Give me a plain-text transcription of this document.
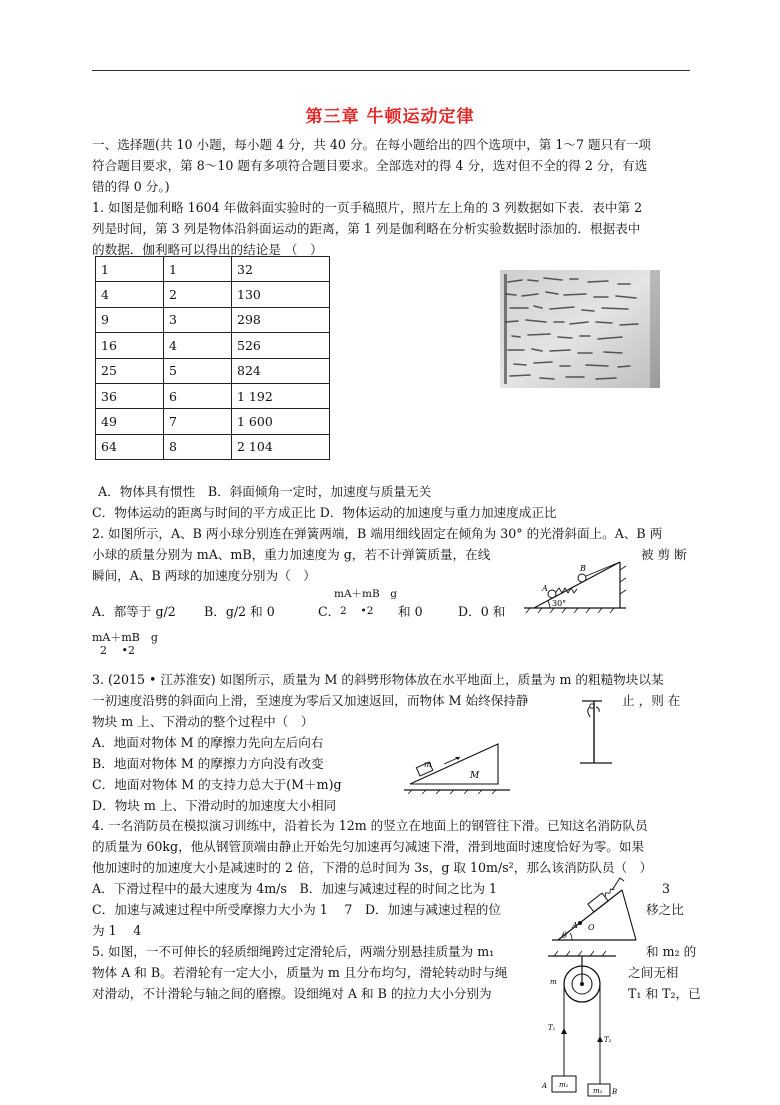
第三章 牛顿运动定律
一、选择题(共 10 小题，每小题 4 分，共 40 分。在每小题给出的四个选项中，第 1～7 题只有一项
符合题目要求，第 8～10 题有多项符合题目要求。全部选对的得 4 分，选对但不全的得 2 分，有选
错的得 0 分。)
1. 如图是伽利略 1604 年做斜面实验时的一页手稿照片，照片左上角的 3 列数据如下表．表中第 2
列是时间，第 3 列是物体沿斜面运动的距离，第 1 列是伽利略在分析实验数据时添加的．根据表中
的数据．伽利略可以得出的结论是 （　）
1	1	32
4	2	130
9	3	298
16	4	526
25	5	824
36	6	1 192
49	7	1 600
64	8	2 104
A．物体具有惯性　B．斜面倾角一定时，加速度与质量无关
C．物体运动的距离与时间的平方成正比 D．物体运动的加速度与重力加速度成正比
2. 如图所示，A、B 两小球分别连在弹簧两端，B 端用细线固定在倾角为 30° 的光滑斜面上。A、B 两
小球的质量分别为 mA、mB，重力加速度为 g，若不计弹簧质量，在线	被 剪 断
瞬间，A、B 两球的加速度分别为（　）
A．都等于 g/2 B．g/2 和 0	C．
mA＋mB　g
2　 •2 和 0	D．0 和
mA＋mB　g
2　 •2
A
B
30°
3. (2015 • 江苏淮安) 如图所示，质量为 M 的斜劈形物体放在水平地面上，质量为 m 的粗糙物块以某
一初速度沿劈的斜面向上滑，至速度为零后又加速返回，而物体 M 始终保持静	止 ，则 在
物块 m 上、下滑动的整个过程中（　）
A．地面对物体 M 的摩擦力先向左后向右
B．地面对物体 M 的摩擦力方向没有改变
C．地面对物体 M 的支持力总大于(M＋m)g
D．物块 m 上、下滑动时的加速度大小相同
m
M
4. 一名消防员在模拟演习训练中，沿着长为 12m 的竖立在地面上的钢管往下滑。已知这名消防队员
的质量为 60kg，他从钢管顶端由静止开始先匀加速再匀减速下滑，滑到地面时速度恰好为零。如果
他加速时的加速度大小是减速时的 2 倍，下滑的总时间为 3s，g 取 10m/s²，那么该消防队员（　）
A．下滑过程中的最大速度为 4m/s　B．加速与减速过程的时间之比为 1	3
C．加速与减速过程中所受摩擦力大小为 1　 7　D．加速与减速过程的位	移之比
为 1　 4	A O
θ
5. 如图，一不可伸长的轻质细绳跨过定滑轮后，两端分别悬挂质量为 m₁	和 m₂ 的
物体 A 和 B。若滑轮有一定大小，质量为 m 且分布均匀，滑轮转动时与绳	之间无相
对滑动，不计滑轮与轴之间的磨擦。设细绳对 A 和 B 的拉力大小分别为	T₁ 和 T₂，已
m
T₁
T₂
A
B
m₁
m₂
